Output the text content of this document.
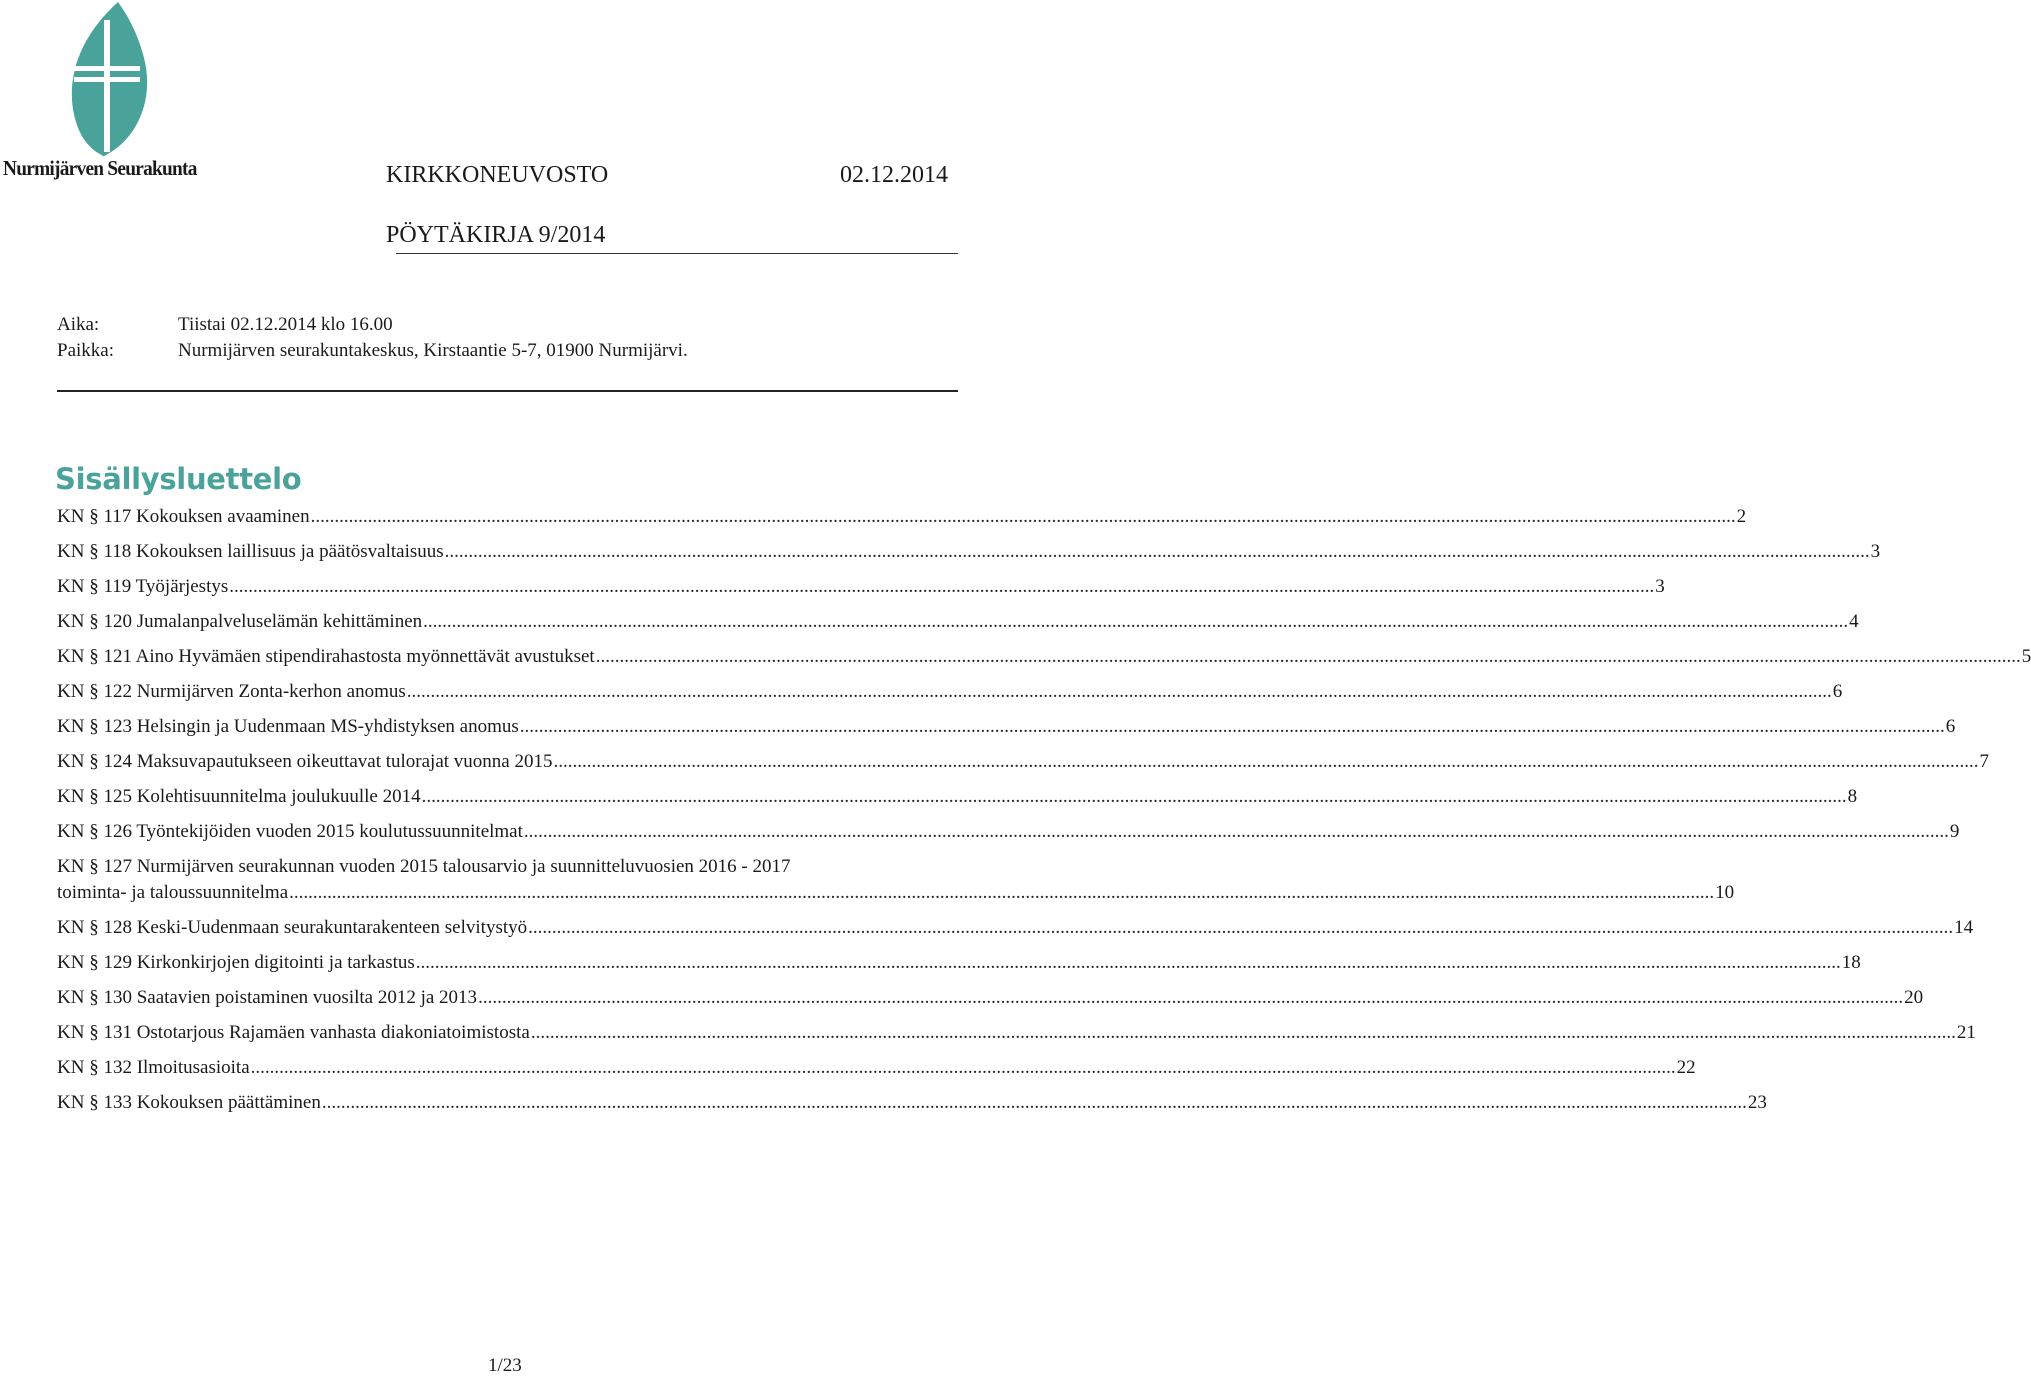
Nurmijärven Seurakunta	KIRKKONEUVOSTO	02.12.2014
PÖYTÄKIRJA 9/2014
Aika:	Tiistai 02.12.2014 klo 16.00
Paikka:	Nurmijärven seurakuntakeskus, Kirstaantie 5-7, 01900 Nurmijärvi.
Sisällysluettelo
KN § 117 Kokouksen avaaminen ............................................................................................................................................................................................................................................................................................................ 2
KN § 118 Kokouksen laillisuus ja päätösvaltaisuus ............................................................................................................................................................................................................................................................................................................ 3
KN § 119 Työjärjestys ............................................................................................................................................................................................................................................................................................................ 3
KN § 120 Jumalanpalveluselämän kehittäminen ............................................................................................................................................................................................................................................................................................................ 4
KN § 121 Aino Hyvämäen stipendirahastosta myönnettävät avustukset ............................................................................................................................................................................................................................................................................................................ 5
KN § 122 Nurmijärven Zonta-kerhon anomus ............................................................................................................................................................................................................................................................................................................ 6
KN § 123 Helsingin ja Uudenmaan MS-yhdistyksen anomus ............................................................................................................................................................................................................................................................................................................ 6
KN § 124 Maksuvapautukseen oikeuttavat tulorajat vuonna 2015 ............................................................................................................................................................................................................................................................................................................ 7
KN § 125 Kolehtisuunnitelma joulukuulle 2014 ............................................................................................................................................................................................................................................................................................................ 8
KN § 126 Työntekijöiden vuoden 2015 koulutussuunnitelmat ............................................................................................................................................................................................................................................................................................................ 9
KN § 127 Nurmijärven seurakunnan vuoden 2015 talousarvio ja suunnitteluvuosien 2016 - 2017
toiminta- ja taloussuunnitelma ............................................................................................................................................................................................................................................................................................................ 10
KN § 128 Keski-Uudenmaan seurakuntarakenteen selvitystyö ............................................................................................................................................................................................................................................................................................................ 14
KN § 129 Kirkonkirjojen digitointi ja tarkastus ............................................................................................................................................................................................................................................................................................................ 18
KN § 130 Saatavien poistaminen vuosilta 2012 ja 2013 ............................................................................................................................................................................................................................................................................................................ 20
KN § 131 Ostotarjous Rajamäen vanhasta diakoniatoimistosta ............................................................................................................................................................................................................................................................................................................ 21
KN § 132 Ilmoitusasioita ............................................................................................................................................................................................................................................................................................................ 22
KN § 133 Kokouksen päättäminen ............................................................................................................................................................................................................................................................................................................ 23
1/23
